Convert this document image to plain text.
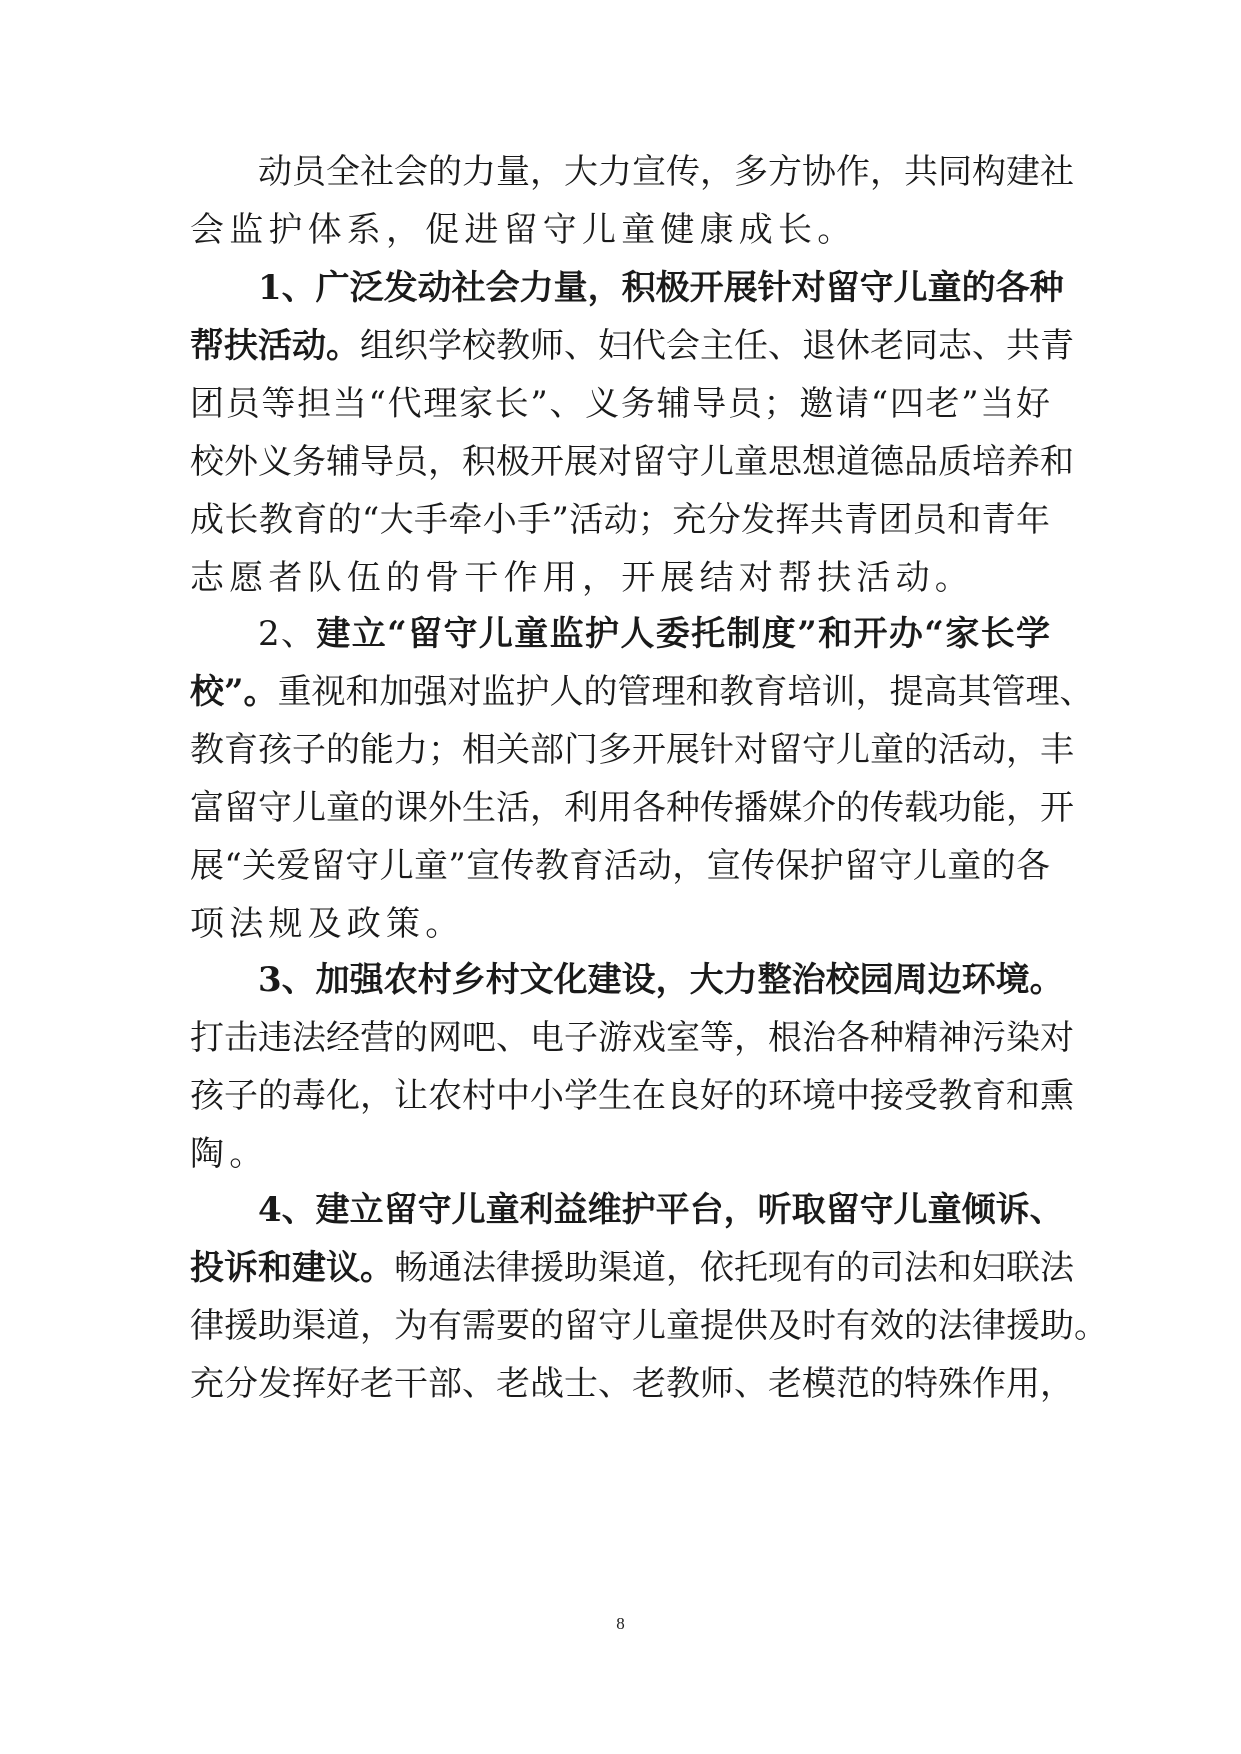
动员全社会的力量，大力宣传，多方协作，共同构建社
会监护体系，促进留守儿童健康成长。
1、广泛发动社会力量，积极开展针对留守儿童的各种
帮扶活动。组织学校教师、妇代会主任、退休老同志、共青
团员等担当“代理家长”、义务辅导员；邀请“四老”当好
校外义务辅导员，积极开展对留守儿童思想道德品质培养和
成长教育的“大手牵小手”活动；充分发挥共青团员和青年
志愿者队伍的骨干作用，开展结对帮扶活动。
2、建立“留守儿童监护人委托制度”和开办“家长学
校”。重视和加强对监护人的管理和教育培训，提高其管理、
教育孩子的能力；相关部门多开展针对留守儿童的活动，丰
富留守儿童的课外生活，利用各种传播媒介的传载功能，开
展“关爱留守儿童”宣传教育活动，宣传保护留守儿童的各
项法规及政策。
3、加强农村乡村文化建设，大力整治校园周边环境。
打击违法经营的网吧、电子游戏室等，根治各种精神污染对
孩子的毒化，让农村中小学生在良好的环境中接受教育和熏
陶。
4、建立留守儿童利益维护平台，听取留守儿童倾诉、
投诉和建议。畅通法律援助渠道，依托现有的司法和妇联法
律援助渠道，为有需要的留守儿童提供及时有效的法律援助。
充分发挥好老干部、老战士、老教师、老模范的特殊作用，
8
